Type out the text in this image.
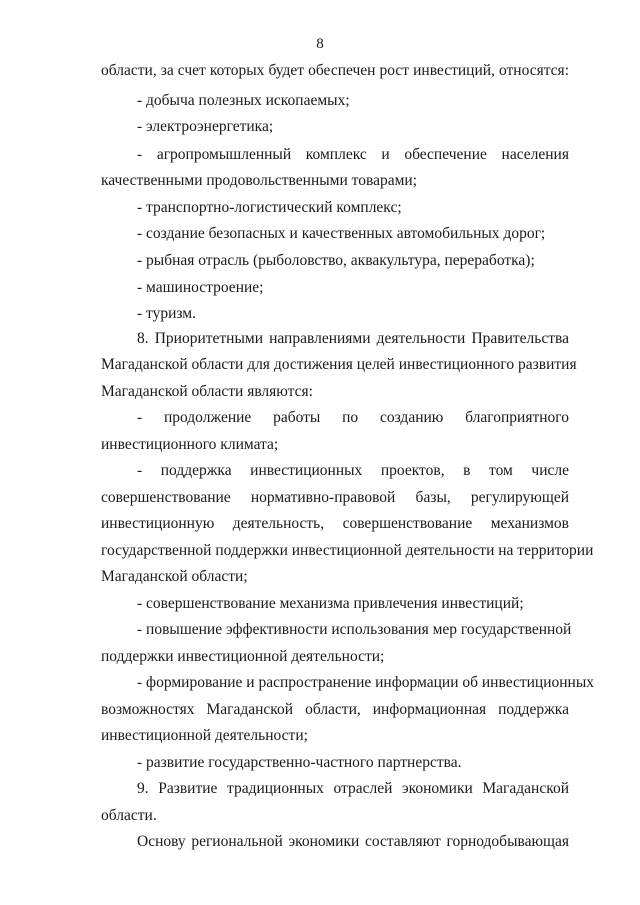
8
области, за счет которых будет обеспечен рост инвестиций, относятся:
- добыча полезных ископаемых;
- электроэнергетика;
- агропромышленный комплекс и обеспечение населения
качественными продовольственными товарами;
- транспортно-логистический комплекс;
- создание безопасных и качественных автомобильных дорог;
- рыбная отрасль (рыболовство, аквакультура, переработка);
- машиностроение;
- туризм.
8. Приоритетными направлениями деятельности Правительства
Магаданской области для достижения целей инвестиционного развития
Магаданской области являются:
- продолжение работы по созданию благоприятного
инвестиционного климата;
- поддержка инвестиционных проектов, в том числе
совершенствование нормативно-правовой базы, регулирующей
инвестиционную деятельность, совершенствование механизмов
государственной поддержки инвестиционной деятельности на территории
Магаданской области;
- совершенствование механизма привлечения инвестиций;
- повышение эффективности использования мер государственной
поддержки инвестиционной деятельности;
- формирование и распространение информации об инвестиционных
возможностях Магаданской области, информационная поддержка
инвестиционной деятельности;
- развитие государственно-частного партнерства.
9. Развитие традиционных отраслей экономики Магаданской
области.
Основу региональной экономики составляют горнодобывающая
